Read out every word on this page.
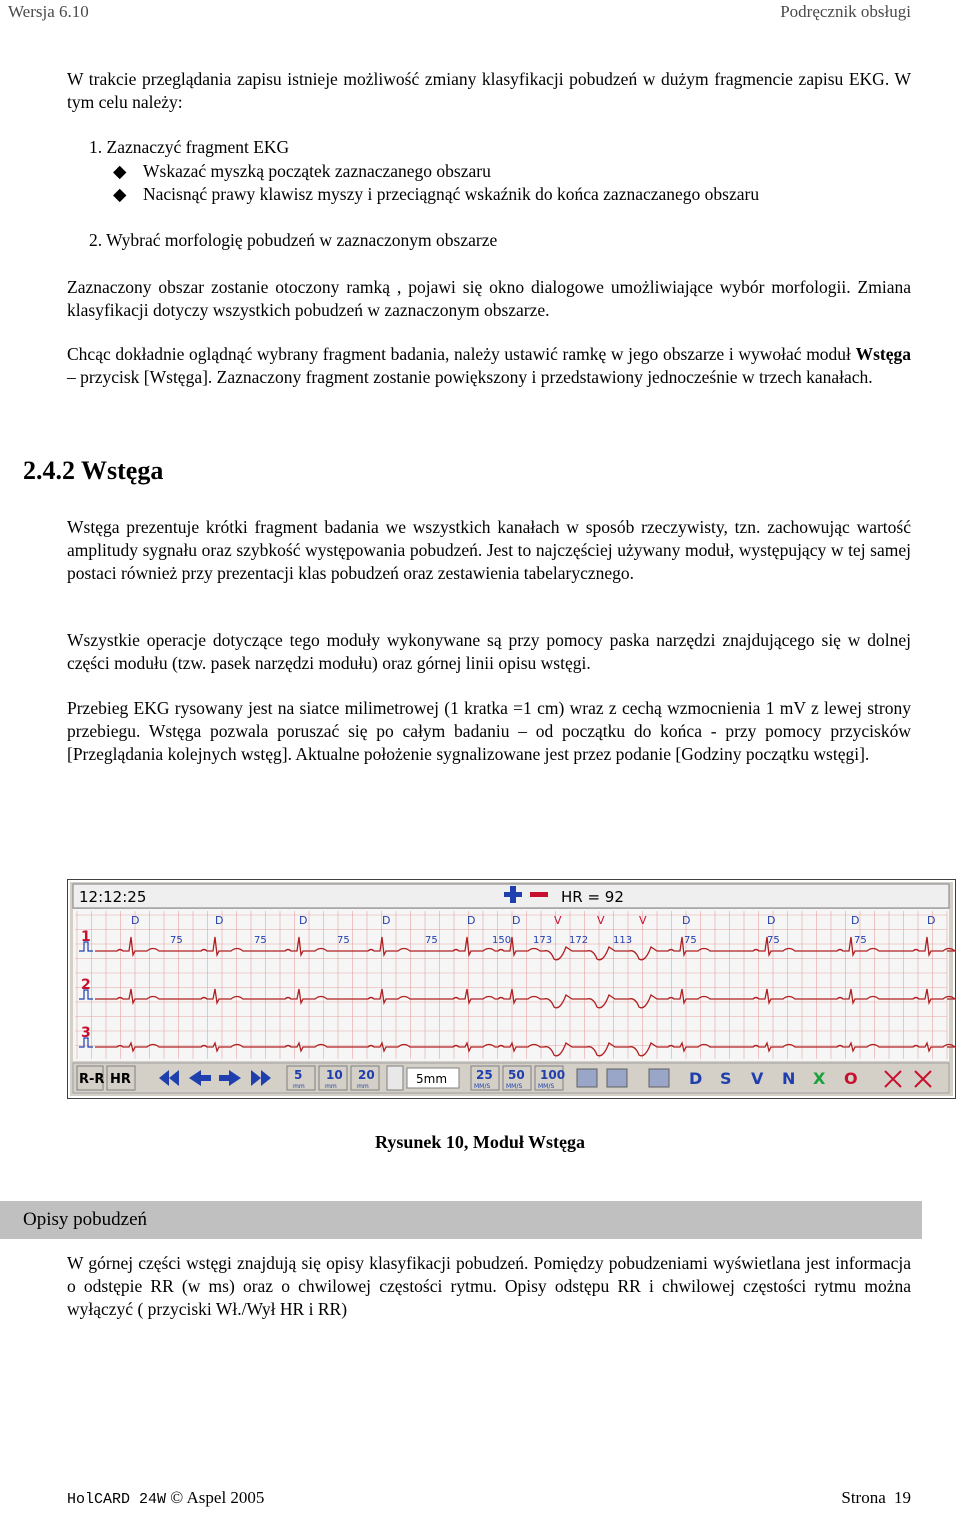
Wersja 6.10	Podręcznik obsługi
W trakcie przeglądania zapisu istnieje możliwość zmiany klasyfikacji pobudzeń w dużym fragmencie zapisu EKG. W tym celu należy:
1. Zaznaczyć fragment EKG
◆ Wskazać myszką początek zaznaczanego obszaru
◆ Nacisnąć prawy klawisz myszy i przeciągnąć wskaźnik do końca zaznaczanego obszaru
2. Wybrać morfologię pobudzeń w zaznaczonym obszarze
Zaznaczony obszar zostanie otoczony ramką , pojawi się okno dialogowe umożliwiające wybór morfologii. Zmiana klasyfikacji dotyczy wszystkich pobudzeń w zaznaczonym obszarze.
Chcąc dokładnie oglądnąć wybrany fragment badania, należy ustawić ramkę w jego obszarze i wywołać moduł Wstęga – przycisk [Wstęga]. Zaznaczony fragment zostanie powiększony i przedstawiony jednocześnie w trzech kanałach.
2.4.2 Wstęga
Wstęga prezentuje krótki fragment badania we wszystkich kanałach w sposób rzeczywisty, tzn. zachowując wartość amplitudy sygnału oraz szybkość występowania pobudzeń. Jest to najczęściej używany moduł, występujący w tej samej postaci również przy prezentacji klas pobudzeń oraz zestawienia tabelarycznego.
Wszystkie operacje dotyczące tego moduły wykonywane są przy pomocy paska narzędzi znajdującego się w dolnej części modułu (tzw. pasek narzędzi modułu) oraz górnej linii opisu wstęgi.
Przebieg EKG rysowany jest na siatce milimetrowej (1 kratka =1 cm) wraz z cechą wzmocnienia 1 mV z lewej strony przebiegu. Wstęga pozwala poruszać się po całym badaniu – od początku do końca - przy pomocy przycisków [Przeglądania kolejnych wstęg]. Aktualne położenie sygnalizowane jest przez podanie [Godziny początku wstęgi].
12:12:25	HR = 92
D	D	D	D	D	D	V	V	V	D	D	D	D
75	75	75	75	150 173 172 113	75	75	75
1
2
3
R-R HR	5
mm
10
mm
20
mm
5mm 25
MM/S
50
MM/S
100
MM/S	D S V N X O
Rysunek 10, Moduł Wstęga
Opisy pobudzeń
W górnej części wstęgi znajdują się opisy klasyfikacji pobudzeń. Pomiędzy pobudzeniami wyświetlana jest informacja o odstępie RR (w ms) oraz o chwilowej częstości rytmu. Opisy odstępu RR i chwilowej częstości rytmu można wyłączyć ( przyciski Wł./Wył HR i RR)
HolCARD 24W © Aspel 2005	Strona 19
